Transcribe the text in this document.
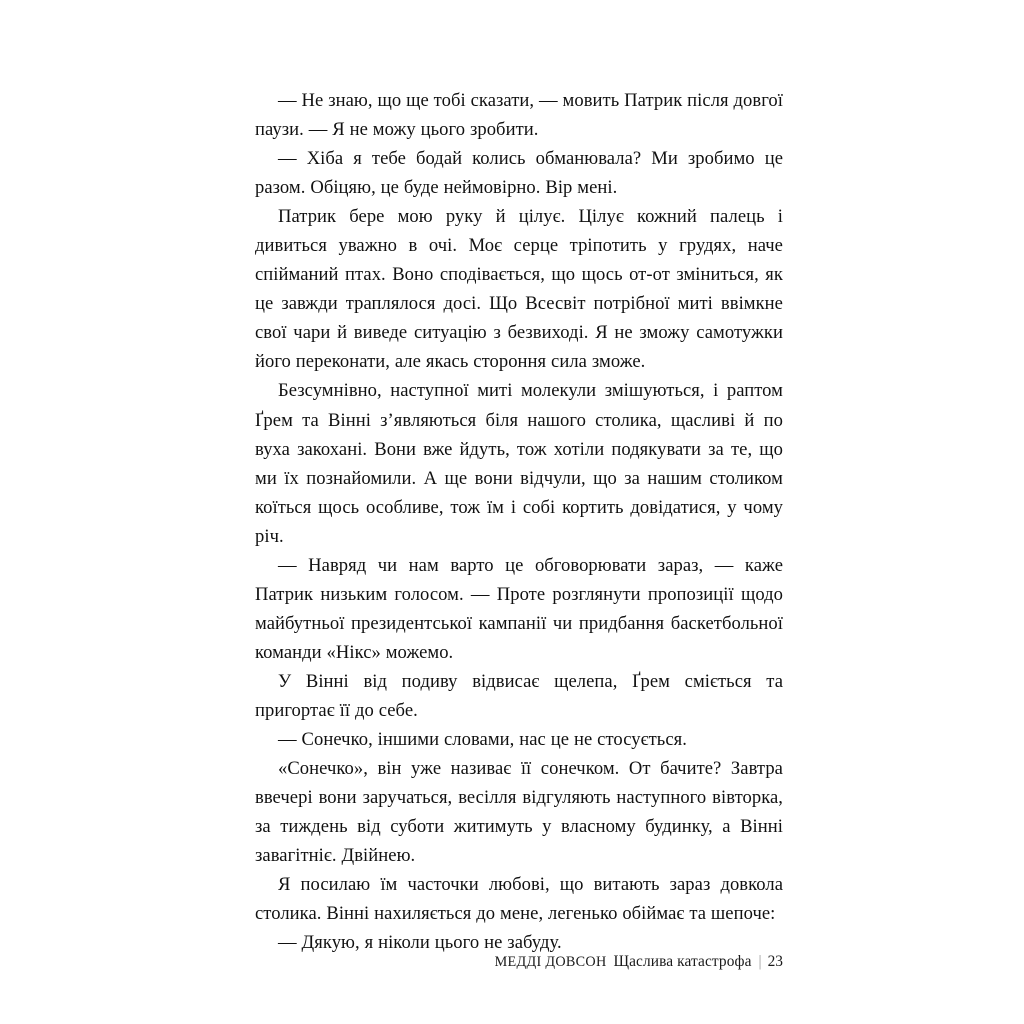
— Не знаю, що ще тобі сказати, — мовить Патрик після довгої паузи. — Я не можу цього зробити.

— Хіба я тебе бодай колись обманювала? Ми зробимо це разом. Обіцяю, це буде неймовірно. Вір мені.

Патрик бере мою руку й цілує. Цілує кожний палець і дивиться уважно в очі. Моє серце тріпотить у грудях, наче спійманий птах. Воно сподівається, що щось от-от зміниться, як це завжди траплялося досі. Що Всесвіт потрібної миті ввімкне свої чари й виведе ситуацію з безвиході. Я не зможу самотужки його переконати, але якась стороння сила зможе.

Безсумнівно, наступної миті молекули змішуються, і раптом Ґрем та Вінні з’являються біля нашого столика, щасливі й по вуха закохані. Вони вже йдуть, тож хотіли подякувати за те, що ми їх познайомили. А ще вони відчули, що за нашим столиком коїться щось особливе, тож їм і собі кортить довідатися, у чому річ.

— Навряд чи нам варто це обговорювати зараз, — каже Патрик низьким голосом. — Проте розглянути пропозиції щодо майбутньої президентської кампанії чи придбання баскетбольної команди «Нікс» можемо.

У Вінні від подиву відвисає щелепа, Ґрем сміється та пригортає її до себе.

— Сонечко, іншими словами, нас це не стосується.

«Сонечко», він уже називає її сонечком. От бачите? Завтра ввечері вони заручаться, весілля відгуляють наступного вівторка, за тиждень від суботи житимуть у власному будинку, а Вінні завагітніє. Двійнею.

Я посилаю їм часточки любові, що витають зараз довкола столика. Вінні нахиляється до мене, легенько обіймає та шепоче:

— Дякую, я ніколи цього не забуду.

МЕДДІ ДОВСОН Щаслива катастрофа | 23
